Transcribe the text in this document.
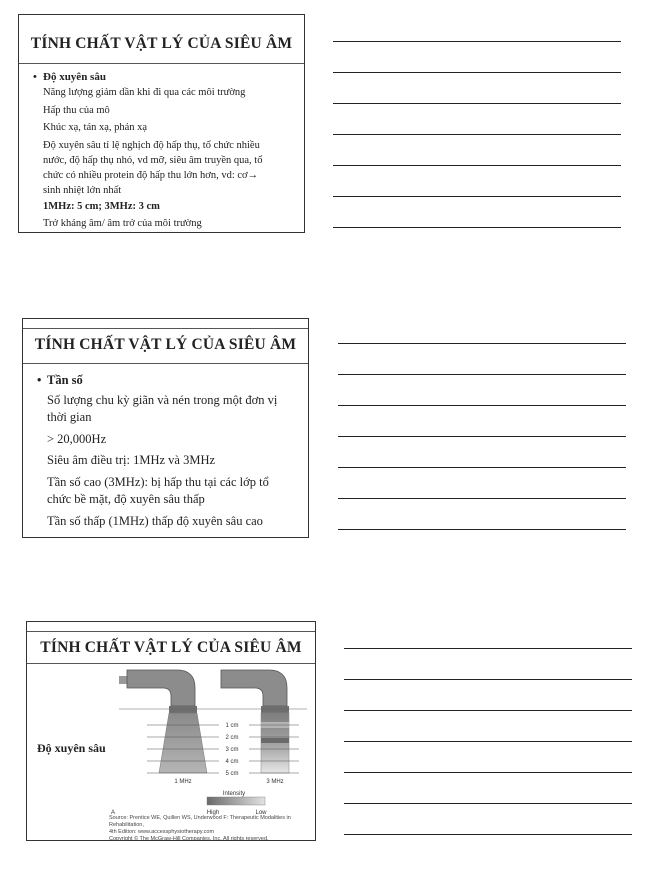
TÍNH CHẤT VẬT LÝ CỦA SIÊU ÂM
• Độ xuyên sâu
Năng lượng giảm dần khi đi qua các môi trường
Hấp thu của mô
Khúc xạ, tán xạ, phản xạ
Độ xuyên sâu tỉ lệ nghịch độ hấp thụ, tổ chức nhiều
nước, độ hấp thụ nhỏ, vd mỡ, siêu âm truyền qua, tổ
chức có nhiều protein độ hấp thu lớn hơn, vd: cơ→
sinh nhiệt lớn nhất
1MHz: 5 cm; 3MHz: 3 cm
Trở kháng âm/ âm trở của môi trường
TÍNH CHẤT VẬT LÝ CỦA SIÊU ÂM
• Tần số
Số lượng chu kỳ giãn và nén trong một đơn vị
thời gian
> 20,000Hz
Siêu âm điều trị: 1MHz và 3MHz
Tần số cao (3MHz): bị hấp thu tại các lớp tổ
chức bề mặt, độ xuyên sâu thấp
Tần số thấp (1MHz) thấp độ xuyên sâu cao
TÍNH CHẤT VẬT LÝ CỦA SIÊU ÂM
Độ xuyên sâu
1 cm
2 cm
3 cm
4 cm
5 cm
1 MHz	3 MHz
Intensity
High	Low
A
Source: Prentice WE, Quillen WS, Underwood F: Therapeutic Modalities in Rehabilitation,
4th Edition: www.accessphysiotherapy.com
Copyright © The McGraw-Hill Companies, Inc. All rights reserved.
